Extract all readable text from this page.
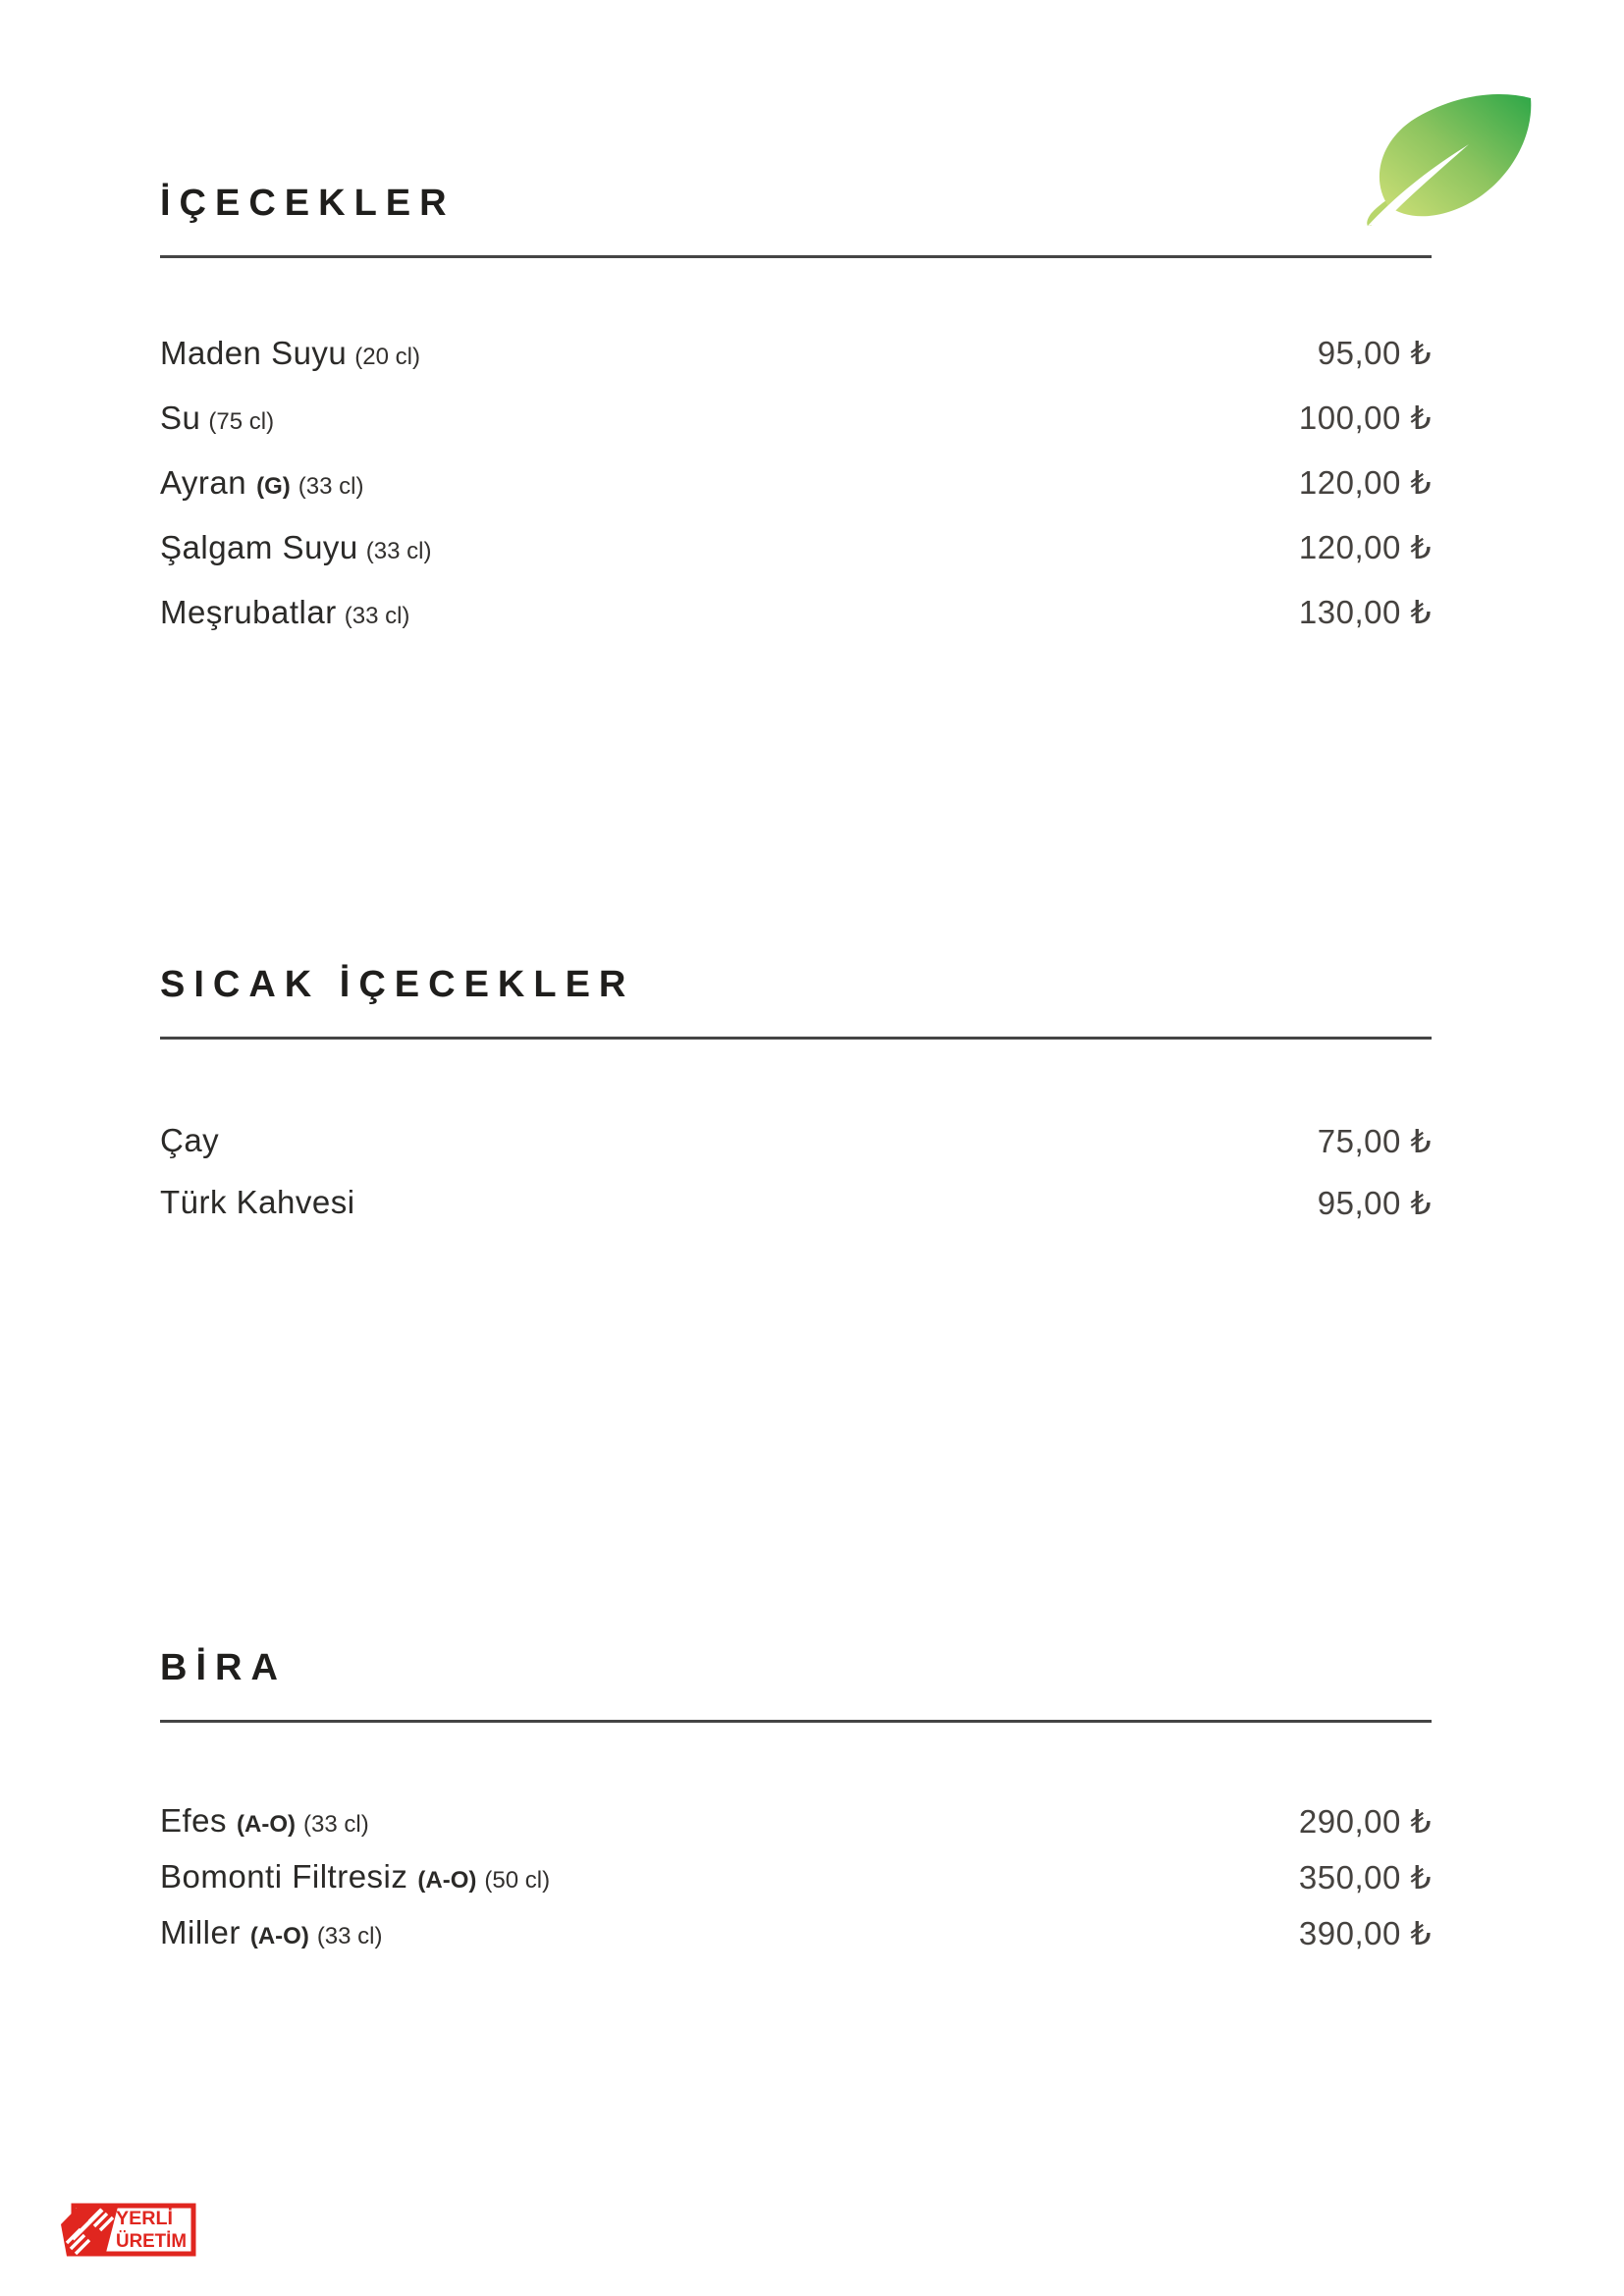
İÇECEKLER
Maden Suyu (20 cl)	95,00 ₺
Su (75 cl)	100,00 ₺
Ayran (G) (33 cl)	120,00 ₺
Şalgam Suyu (33 cl)	120,00 ₺
Meşrubatlar (33 cl)	130,00 ₺
SICAK İÇECEKLER
Çay	75,00 ₺
Türk Kahvesi	95,00 ₺
BİRA
Efes (A-O) (33 cl)	290,00 ₺
Bomonti Filtresiz (A-O) (50 cl)	350,00 ₺
Miller (A-O) (33 cl)	390,00 ₺
YERLİ
ÜRETİM
